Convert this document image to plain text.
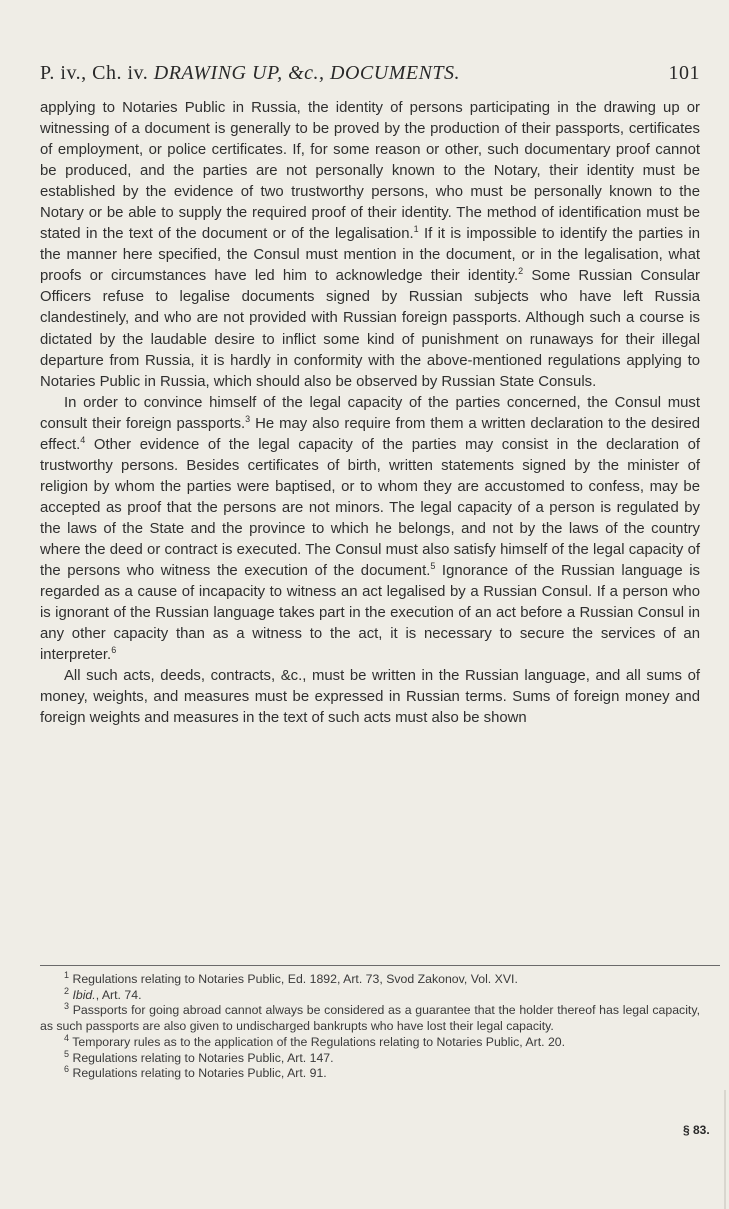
P. iv., Ch. iv. DRAWING UP, &c., DOCUMENTS.	101

applying to Notaries Public in Russia, the identity of persons participating in the drawing up or witnessing of a document is generally to be proved by the production of their passports, certificates of employment, or police certificates. If, for some reason or other, such documentary proof cannot be produced, and the parties are not personally known to the Notary, their identity must be established by the evidence of two trustworthy persons, who must be personally known to the Notary or be able to supply the required proof of their identity. The method of identification must be stated in the text of the document or of the legalisation.$^1$ If it is impossible to identify the parties in the manner here specified, the Consul must mention in the document, or in the legalisation, what proofs or circumstances have led him to acknowledge their identity.$^2$ Some Russian Consular Officers refuse to legalise documents signed by Russian subjects who have left Russia clandestinely, and who are not provided with Russian foreign passports. Although such a course is dictated by the laudable desire to inflict some kind of punishment on runaways for their illegal departure from Russia, it is hardly in conformity with the above-mentioned regulations applying to Notaries Public in Russia, which should also be observed by Russian State Consuls.

In order to convince himself of the legal capacity of the parties concerned, the Consul must consult their foreign passports.$^3$ He may also require from them a written declaration to the desired effect.$^4$ Other evidence of the legal capacity of the parties may consist in the declaration of trustworthy persons. Besides certificates of birth, written statements signed by the minister of religion by whom the parties were baptised, or to whom they are accustomed to confess, may be accepted as proof that the persons are not minors. The legal capacity of a person is regulated by the laws of the State and the province to which he belongs, and not by the laws of the country where the deed or contract is executed. The Consul must also satisfy himself of the legal capacity of the persons who witness the execution of the document.$^5$ Ignorance of the Russian language is regarded as a cause of incapacity to witness an act legalised by a Russian Consul. If a person who is ignorant of the Russian language takes part in the execution of an act before a Russian Consul in any other capacity than as a witness to the act, it is necessary to secure the services of an interpreter.$^6$

All such acts, deeds, contracts, &c., must be written in the Russian language, and all sums of money, weights, and measures must be expressed in Russian terms. Sums of foreign money and foreign weights and measures in the text of such acts must also be shown

$^1$ Regulations relating to Notaries Public, Ed. 1892, Art. 73, Svod Zakonov, Vol. XVI.

$^2$ Ibid., Art. 74.

$^3$ Passports for going abroad cannot always be considered as a guarantee that the holder thereof has legal capacity, as such passports are also given to undischarged bankrupts who have lost their legal capacity.

$^4$ Temporary rules as to the application of the Regulations relating to Notaries Public, Art. 20.

$^5$ Regulations relating to Notaries Public, Art. 147.

$^6$ Regulations relating to Notaries Public, Art. 91.

§ 83.
